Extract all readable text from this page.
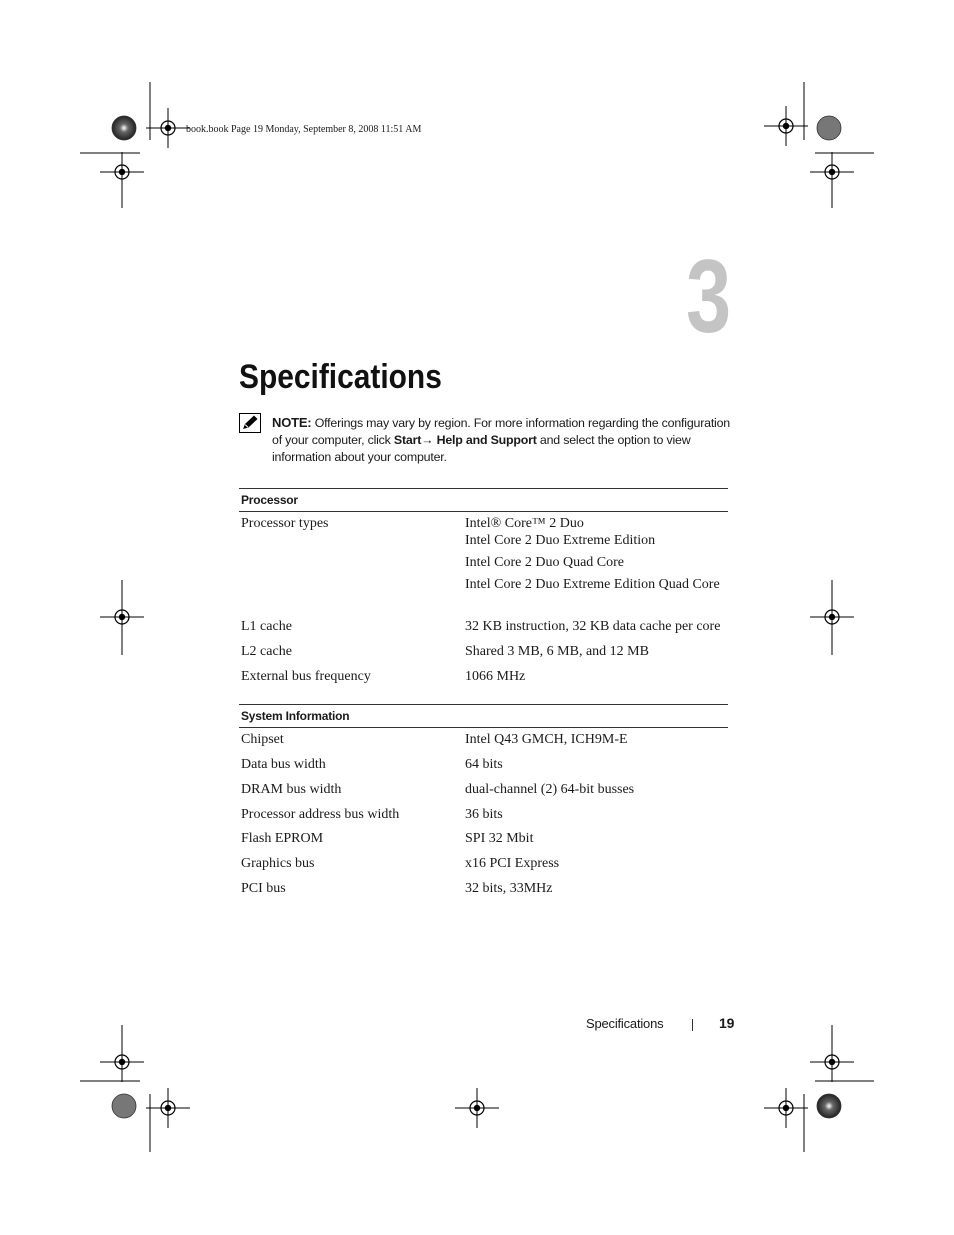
book.book Page 19 Monday, September 8, 2008 11:51 AM
3
Specifications
NOTE: Offerings may vary by region. For more information regarding the configuration of your computer, click Start→ Help and Support and select the option to view information about your computer.
Processor
Processor types	Intel® Core™ 2 Duo
Intel Core 2 Duo Extreme Edition
Intel Core 2 Duo Quad Core
Intel Core 2 Duo Extreme Edition Quad Core
L1 cache	32 KB instruction, 32 KB data cache per core
L2 cache	Shared 3 MB, 6 MB, and 12 MB
External bus frequency	1066 MHz
System Information
Chipset	Intel Q43 GMCH, ICH9M-E
Data bus width	64 bits
DRAM bus width	dual-channel (2) 64-bit busses
Processor address bus width	36 bits
Flash EPROM	SPI 32 Mbit
Graphics bus	x16 PCI Express
PCI bus	32 bits, 33MHz
Specifications	19
